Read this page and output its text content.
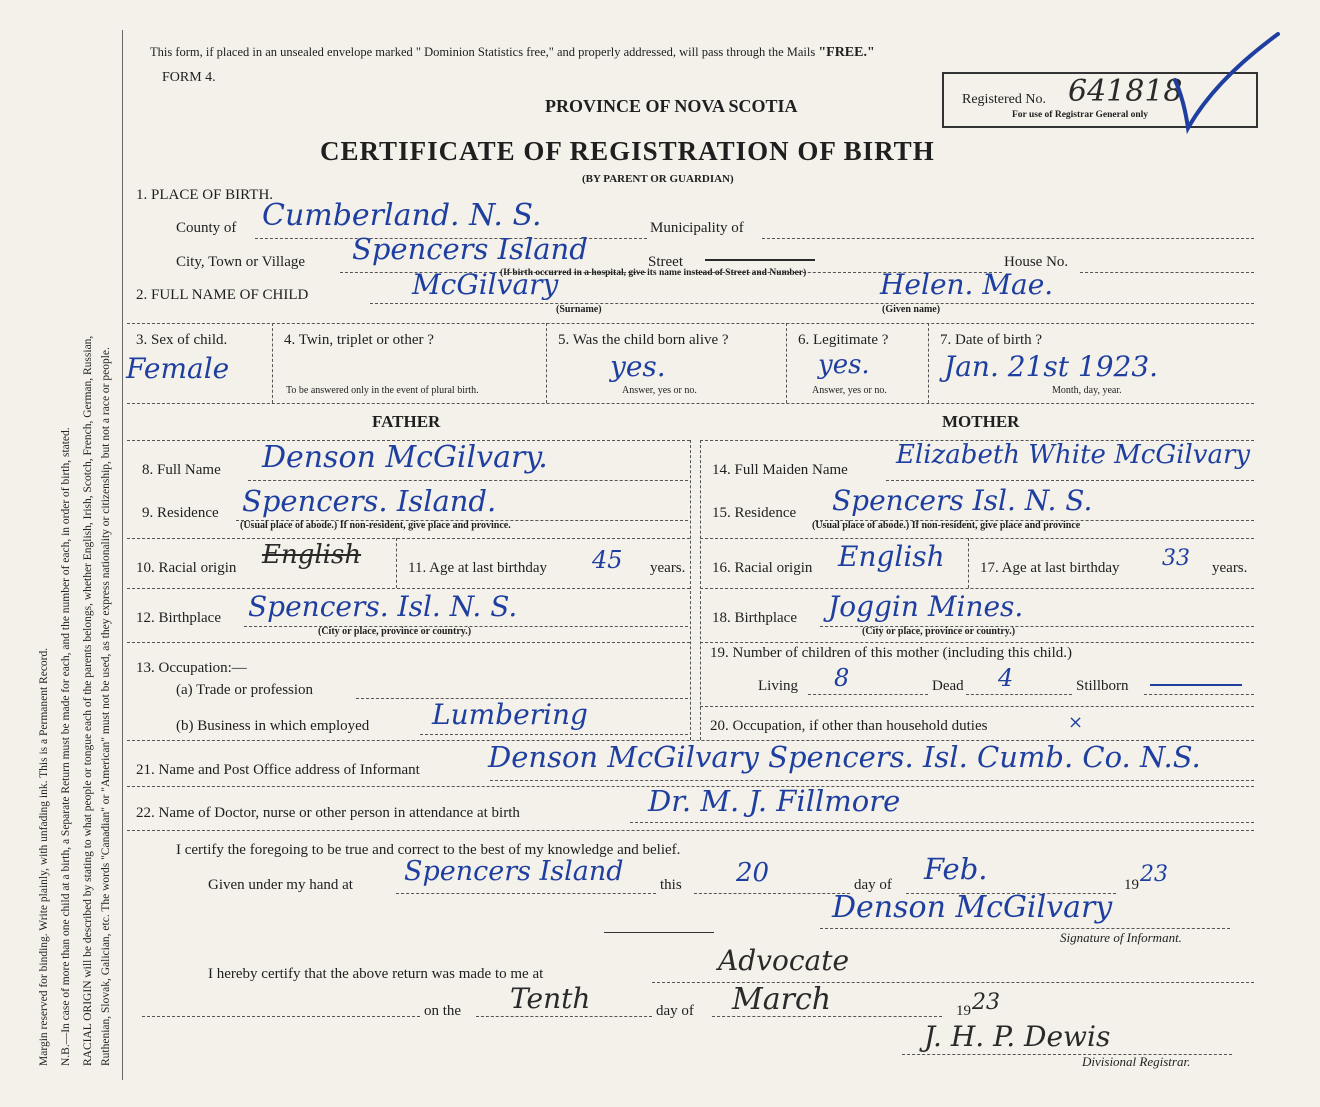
Margin reserved for binding. Write plainly, with unfading ink. This is a Permanent Record. N.B.—In case of more than one child at a birth, a Separate Return must be made for each, and the number of each, in order of birth, stated. RACIAL ORIGIN will be described by stating to what people or tongue each of the parents belongs, whether English, Irish, Scotch, French, German, Russian, Ruthenian, Slovak, Galician, etc. The words "Canadian" or "American" must not be used, as they express nationality or citizenship, but not a race or people.
This form, if placed in an unsealed envelope marked " Dominion Statistics free," and properly addressed, will pass through the Mails "FREE."
FORM 4.
PROVINCE OF NOVA SCOTIA
CERTIFICATE OF REGISTRATION OF BIRTH
(BY PARENT OR GUARDIAN)
Registered No. 641818
For use of Registrar General only
1. PLACE OF BIRTH.
County of Cumberland. N. S.	Municipality of
City, Town or Village Spencers Island	Street	House No.
(If birth occurred in a hospital, give its name instead of Street and Number)
2. FULL NAME OF CHILD	McGilvary	Helen. Mae.
(Surname)	(Given name)
3. Sex of child.
Female
4. Twin, triplet or other ?
To be answered only in the event of plural birth.
5. Was the child born alive ?
yes.
Answer, yes or no.
6. Legitimate ?
yes.
Answer, yes or no.
7. Date of birth ?
Jan. 21st 1923.
Month, day, year.
FATHER	MOTHER
8. Full Name Denson McGilvary.	14. Full Maiden Name Elizabeth White McGilvary
9. Residence Spencers. Island.
(Usual place of abode.) If non-resident, give place and province.
15. Residence Spencers Isl. N. S.
(Usual place of abode.) If non-resident, give place and province
10. Racial origin English	11. Age at last birthday 45 years. 16. Racial origin English 17. Age at last birthday 33 years.
12. Birthplace Spencers. Isl. N. S.
(City or place, province or country.)
18. Birthplace Joggin Mines.
(City or place, province or country.)
13. Occupation:—
(a) Trade or profession
(b) Business in which employed Lumbering
19. Number of children of this mother (including this child.)
Living 8	Dead 4	Stillborn
20. Occupation, if other than household duties	×
21. Name and Post Office address of Informant Denson McGilvary Spencers. Isl. Cumb. Co. N.S.
22. Name of Doctor, nurse or other person in attendance at birth	Dr. M. J. Fillmore
I certify the foregoing to be true and correct to the best of my knowledge and belief.
Given under my hand at Spencers Island this 20	day of Feb.	19 23
Denson McGilvary
Signature of Informant.
I hereby certify that the above return was made to me at	Advocate
on the Tenth	day of March	19 23
J. H. P. Dewis
Divisional Registrar.
